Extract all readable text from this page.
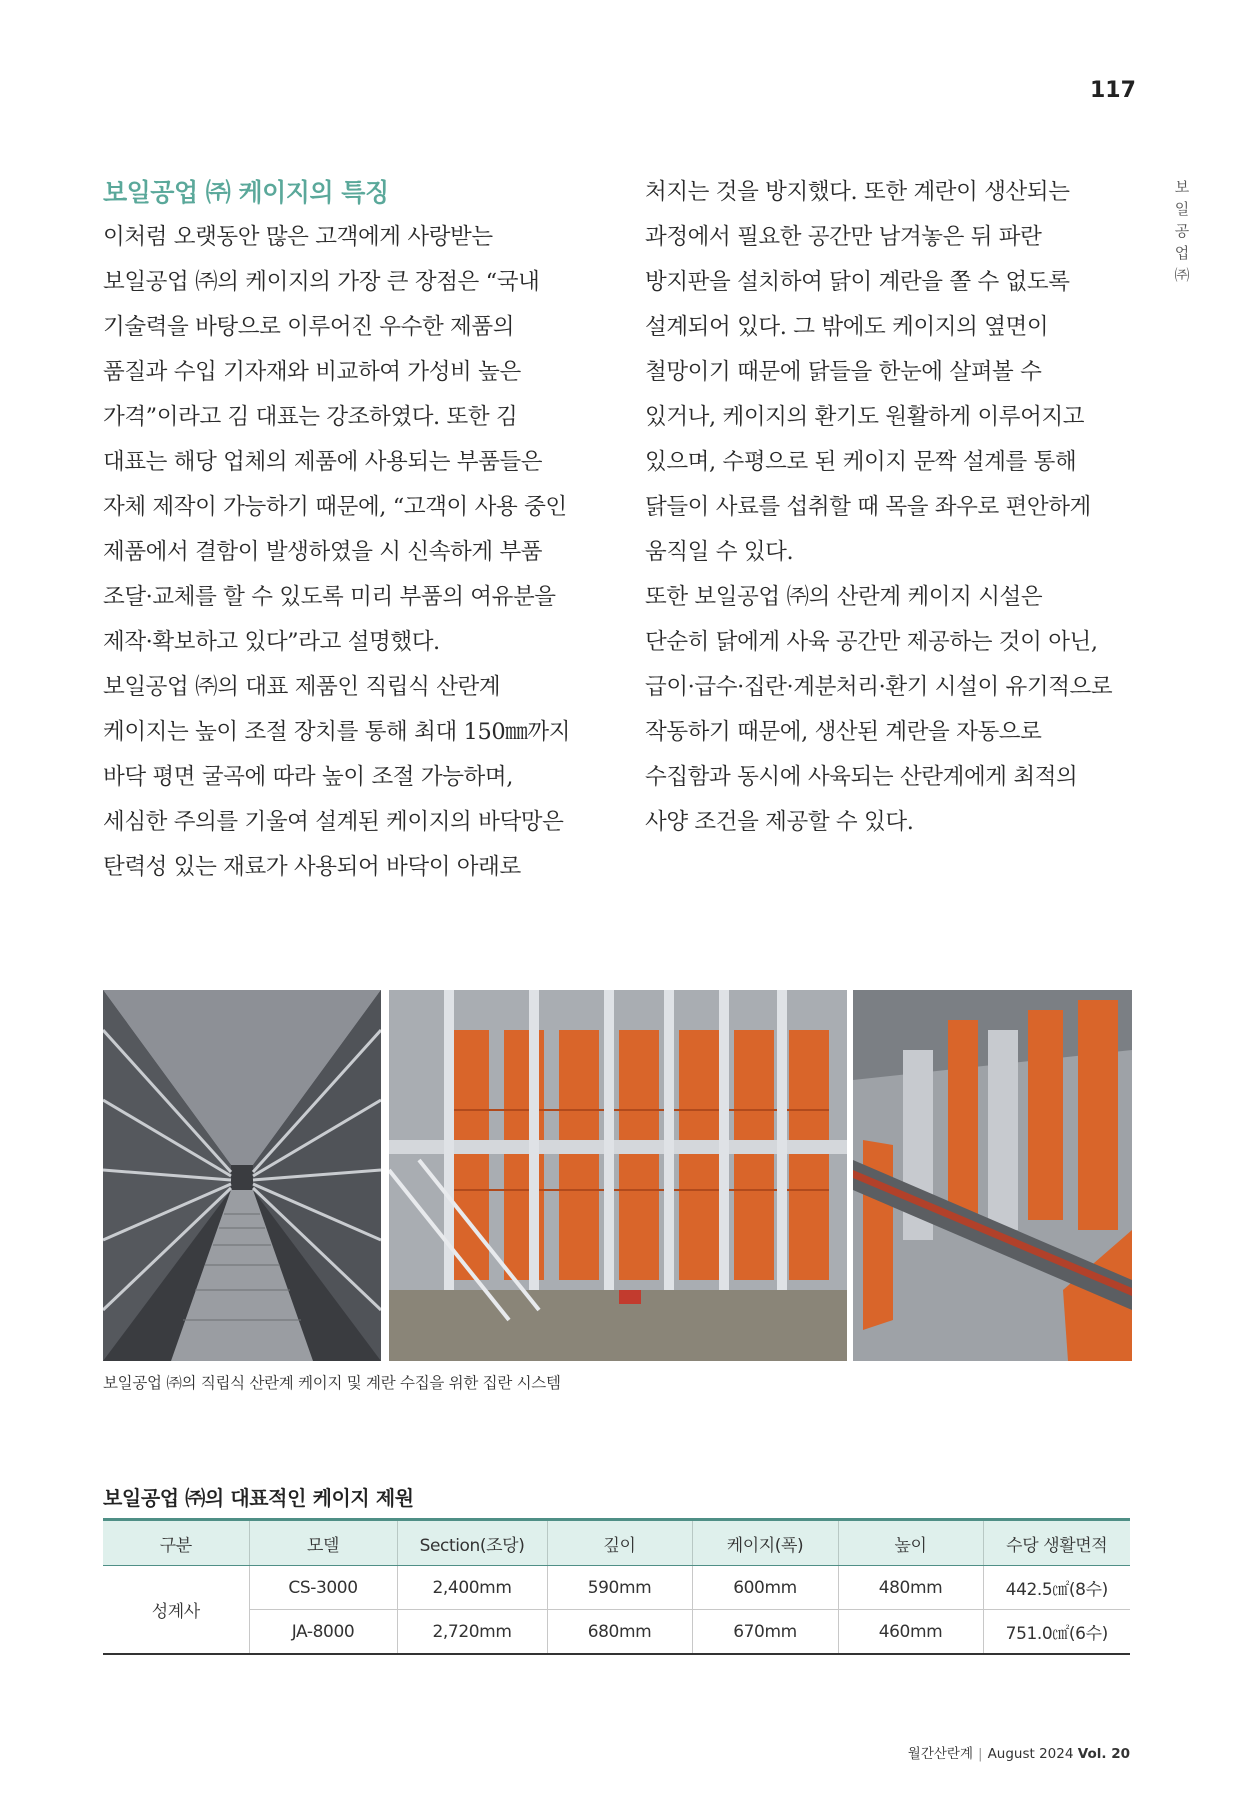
117
보
일
공
업
㈜
보일공업 ㈜ 케이지의 특징
이처럼 오랫동안 많은 고객에게 사랑받는
보일공업 ㈜의 케이지의 가장 큰 장점은 “국내
기술력을 바탕으로 이루어진 우수한 제품의
품질과 수입 기자재와 비교하여 가성비 높은
가격”이라고 김 대표는 강조하였다. 또한 김
대표는 해당 업체의 제품에 사용되는 부품들은
자체 제작이 가능하기 때문에, “고객이 사용 중인
제품에서 결함이 발생하였을 시 신속하게 부품
조달·교체를 할 수 있도록 미리 부품의 여유분을
제작·확보하고 있다”라고 설명했다.
보일공업 ㈜의 대표 제품인 직립식 산란계
케이지는 높이 조절 장치를 통해 최대 150㎜까지
바닥 평면 굴곡에 따라 높이 조절 가능하며,
세심한 주의를 기울여 설계된 케이지의 바닥망은
탄력성 있는 재료가 사용되어 바닥이 아래로
처지는 것을 방지했다. 또한 계란이 생산되는
과정에서 필요한 공간만 남겨놓은 뒤 파란
방지판을 설치하여 닭이 계란을 쫄 수 없도록
설계되어 있다. 그 밖에도 케이지의 옆면이
철망이기 때문에 닭들을 한눈에 살펴볼 수
있거나, 케이지의 환기도 원활하게 이루어지고
있으며, 수평으로 된 케이지 문짝 설계를 통해
닭들이 사료를 섭취할 때 목을 좌우로 편안하게
움직일 수 있다.
또한 보일공업 ㈜의 산란계 케이지 시설은
단순히 닭에게 사육 공간만 제공하는 것이 아닌,
급이·급수·집란·계분처리·환기 시설이 유기적으로
작동하기 때문에, 생산된 계란을 자동으로
수집함과 동시에 사육되는 산란계에게 최적의
사양 조건을 제공할 수 있다.
보일공업 ㈜의 직립식 산란계 케이지 및 계란 수집을 위한 집란 시스템
보일공업 ㈜의 대표적인 케이지 제원
구분	모델	Section(조당)	깊이	케이지(폭)	높이	수당 생활면적
성계사	CS-3000	2,400mm	590mm	600mm	480mm	442.5㎠(8수)
	JA-8000	2,720mm	680mm	670mm	460mm	751.0㎠(6수)
월간산란계 | August 2024 Vol. 20
